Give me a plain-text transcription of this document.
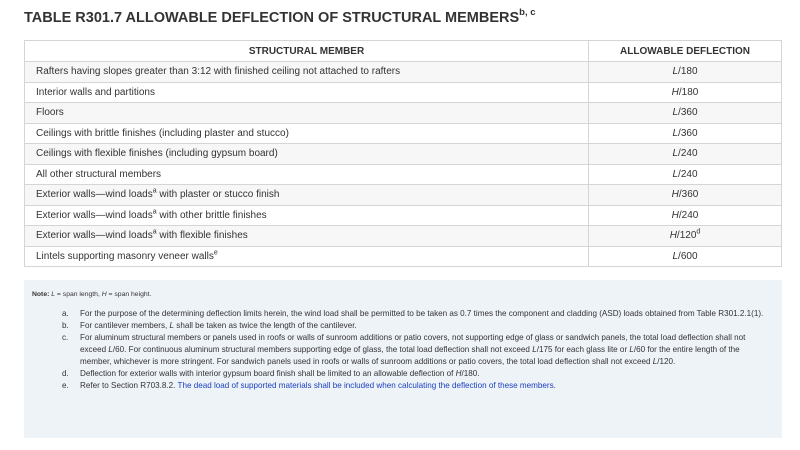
TABLE R301.7 ALLOWABLE DEFLECTION OF STRUCTURAL MEMBERS$^{b, c}$
STRUCTURAL MEMBER	ALLOWABLE DEFLECTION
Rafters having slopes greater than 3:12 with finished ceiling not attached to rafters	L/180
Interior walls and partitions	H/180
Floors	L/360
Ceilings with brittle finishes (including plaster and stucco)	L/360
Ceilings with flexible finishes (including gypsum board)	L/240
All other structural members	L/240
Exterior walls—wind loads$^a$ with plaster or stucco finish	H/360
Exterior walls—wind loads$^a$ with other brittle finishes	H/240
Exterior walls—wind loads$^a$ with flexible finishes	H/120$^d$
Lintels supporting masonry veneer walls$^e$	L/600
Note: L = span length, H = span height.
a. For the purpose of the determining deflection limits herein, the wind load shall be permitted to be taken as 0.7 times the component and cladding (ASD) loads obtained from Table R301.2.1(1).
b. For cantilever members, L shall be taken as twice the length of the cantilever.
c. For aluminum structural members or panels used in roofs or walls of sunroom additions or patio covers, not supporting edge of glass or sandwich panels, the total load deflection shall not exceed L/60. For continuous aluminum structural members supporting edge of glass, the total load deflection shall not exceed L/175 for each glass lite or L/60 for the entire length of the member, whichever is more stringent. For sandwich panels used in roofs or walls of sunroom additions or patio covers, the total load deflection shall not exceed L/120.
d. Deflection for exterior walls with interior gypsum board finish shall be limited to an allowable deflection of H/180.
e. Refer to Section R703.8.2. The dead load of supported materials shall be included when calculating the deflection of these members.
